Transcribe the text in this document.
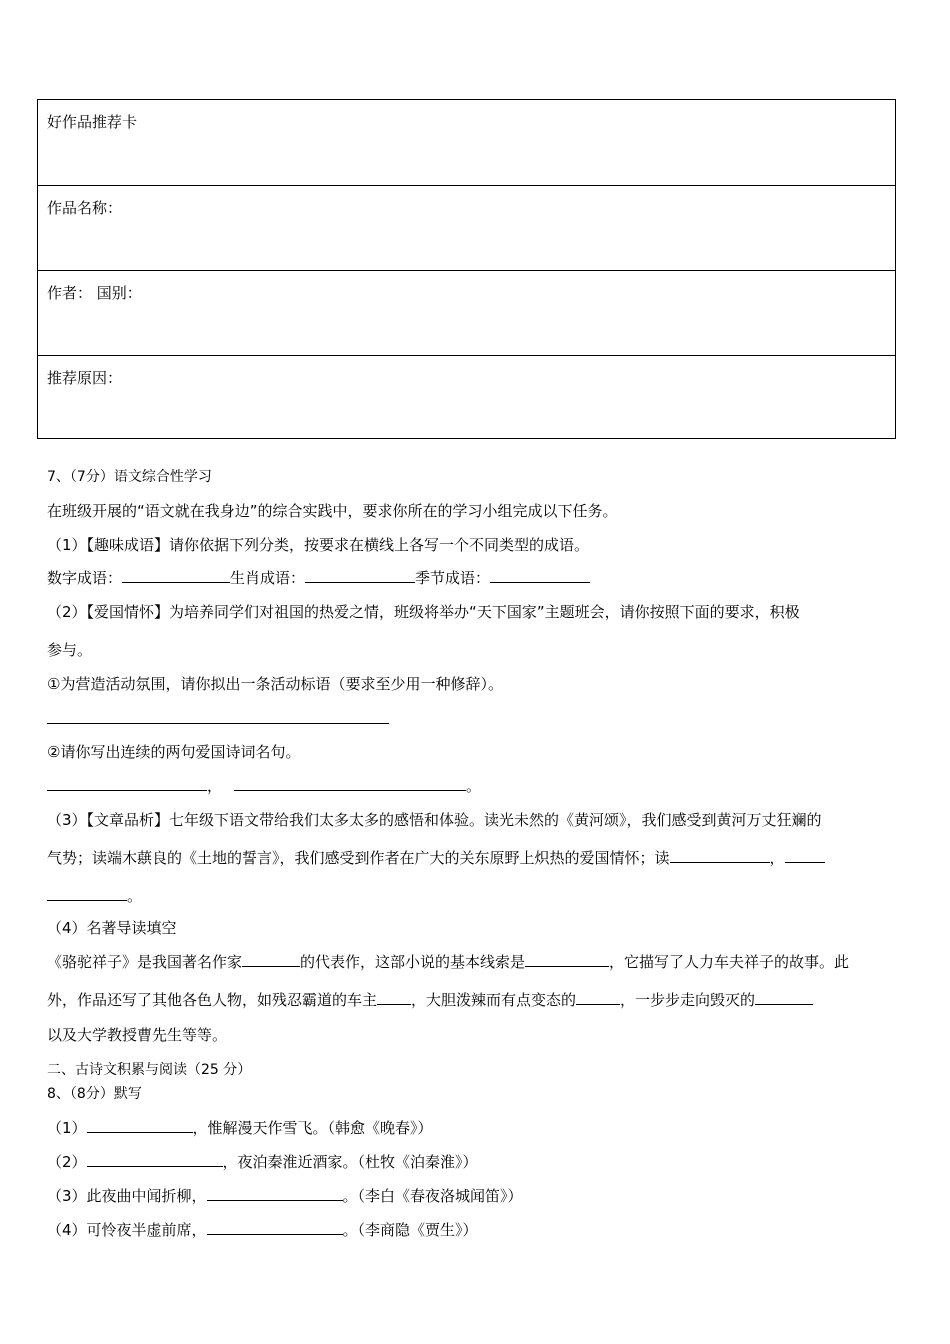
好作品推荐卡
作品名称：
作者： 国别：
推荐原因：
7、（7分）语文综合性学习
在班级开展的“语文就在我身边”的综合实践中，要求你所在的学习小组完成以下任务。
（1）【趣味成语】请你依据下列分类，按要求在横线上各写一个不同类型的成语。
数字成语：	生肖成语：	季节成语：
（2）【爱国情怀】为培养同学们对祖国的热爱之情，班级将举办“天下国家”主题班会，请你按照下面的要求，积极
参与。
①为营造活动氛围，请你拟出一条活动标语（要求至少用一种修辞）。
②请你写出连续的两句爱国诗词名句。
，	。
（3）【文章品析】七年级下语文带给我们太多太多的感悟和体验。读光未然的《黄河颂》，我们感受到黄河万丈狂斓的
气势；读端木蕻良的《土地的誓言》，我们感受到作者在广大的关东原野上炽热的爱国情怀；读	，
。
（4）名著导读填空
《骆驼祥子》是我国著名作家	的代表作，这部小说的基本线索是	，它描写了人力车夫祥子的故事。此
外，作品还写了其他各色人物，如残忍霸道的车主 ，大胆泼辣而有点变态的	，一步步走向毁灭的
以及大学教授曹先生等等。
二、古诗文积累与阅读（25 分）
8、（8分）默写
（1）	，惟解漫天作雪飞。（韩愈《晚春》）
（2）	，夜泊秦淮近酒家。（杜牧《泊秦淮》）
（3）此夜曲中闻折柳，	。（李白《春夜洛城闻笛》）
（4）可怜夜半虚前席，	。（李商隐《贾生》）
